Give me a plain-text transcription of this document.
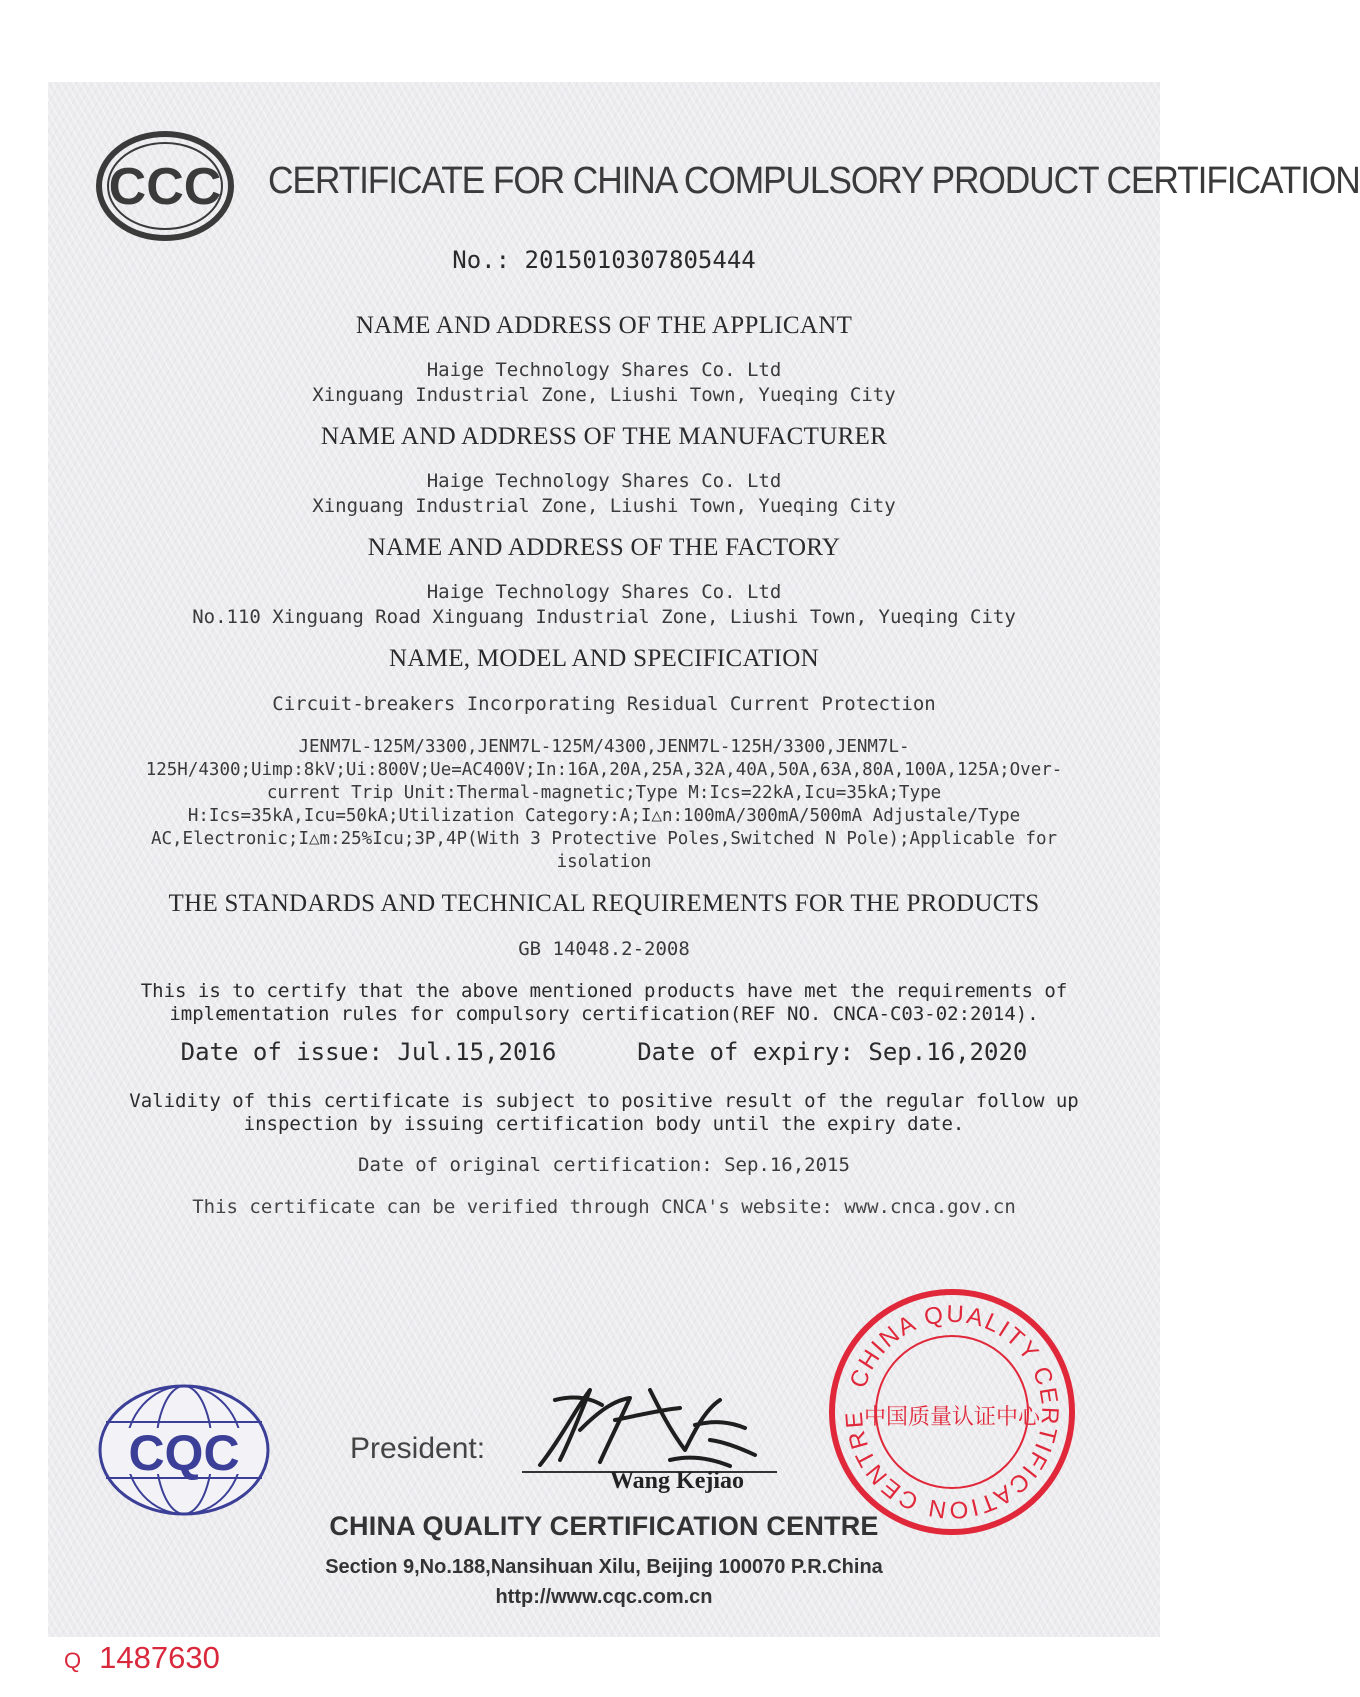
CCC CERTIFICATE FOR CHINA COMPULSORY PRODUCT CERTIFICATION
No.: 2015010307805444
NAME AND ADDRESS OF THE APPLICANT
Haige Technology Shares Co. Ltd
Xinguang Industrial Zone, Liushi Town, Yueqing City
NAME AND ADDRESS OF THE MANUFACTURER
Haige Technology Shares Co. Ltd
Xinguang Industrial Zone, Liushi Town, Yueqing City
NAME AND ADDRESS OF THE FACTORY
Haige Technology Shares Co. Ltd
No.110 Xinguang Road Xinguang Industrial Zone, Liushi Town, Yueqing City
NAME, MODEL AND SPECIFICATION
Circuit-breakers Incorporating Residual Current Protection
JENM7L-125M/3300,JENM7L-125M/4300,JENM7L-125H/3300,JENM7L-
125H/4300;Uimp:8kV;Ui:800V;Ue=AC400V;In:16A,20A,25A,32A,40A,50A,63A,80A,100A,125A;Over-
current Trip Unit:Thermal-magnetic;Type M:Ics=22kA,Icu=35kA;Type
H:Ics=35kA,Icu=50kA;Utilization Category:A;I△n:100mA/300mA/500mA Adjustale/Type
AC,Electronic;I△m:25%Icu;3P,4P(With 3 Protective Poles,Switched N Pole);Applicable for
isolation
THE STANDARDS AND TECHNICAL REQUIREMENTS FOR THE PRODUCTS
GB 14048.2-2008
This is to certify that the above mentioned products have met the requirements of
implementation rules for compulsory certification(REF NO. CNCA-C03-02:2014).
Date of issue: Jul.15,2016	Date of expiry: Sep.16,2020
Validity of this certificate is subject to positive result of the regular follow up
inspection by issuing certification body until the expiry date.
Date of original certification: Sep.16,2015
This certificate can be verified through CNCA's website: www.cnca.gov.cn
CQC	President:
Wang Kejiao
CHINA QUALITY CERTIFICATION CENTRE
中国质量认证中心
CHINA QUALITY CERTIFICATION CENTRE
Section 9,No.188,Nansihuan Xilu, Beijing 100070 P.R.China
http://www.cqc.com.cn
Q 1487630
